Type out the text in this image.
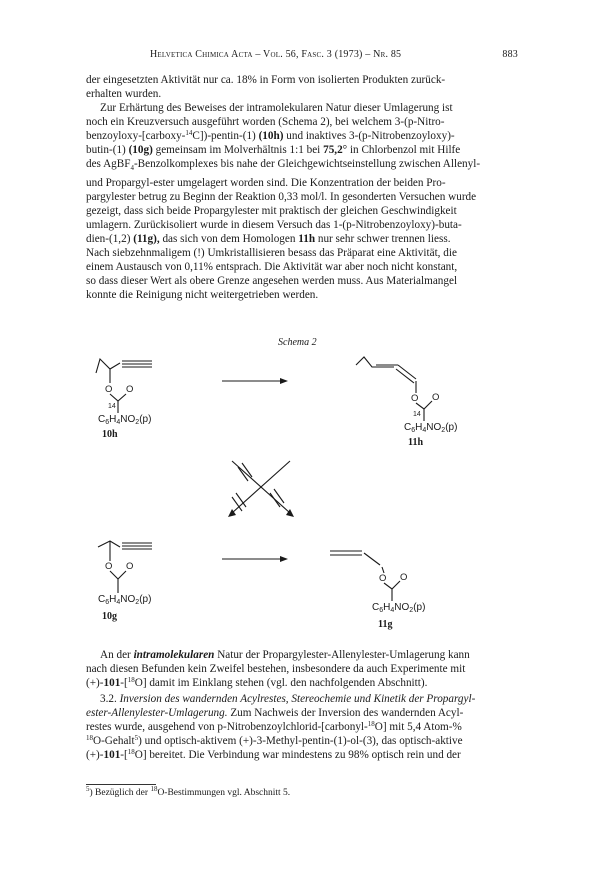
Helvetica Chimica Acta – Vol. 56, Fasc. 3 (1973) – Nr. 85	883

der eingesetzten Aktivität nur ca. 18% in Form von isolierten Produkten zurück-

erhalten wurden.

Zur Erhärtung des Beweises der intramolekularen Natur dieser Umlagerung ist

noch ein Kreuzversuch ausgeführt worden (Schema 2), bei welchem 3-(p-Nitro-

benzoyloxy-[carboxy-$^{14}$C])-pentin-(1) (10h) und inaktives 3-(p-Nitrobenzoyloxy)-

butin-(1) (10g) gemeinsam im Molverhältnis 1:1 bei 75,2° in Chlorbenzol mit Hilfe

des AgBF$_4$-Benzolkomplexes bis nahe der Gleichgewichtseinstellung zwischen Allenyl-

und Propargyl-ester umgelagert worden sind. Die Konzentration der beiden Pro-

pargylester betrug zu Beginn der Reaktion 0,33 mol/l. In gesonderten Versuchen wurde

gezeigt, dass sich beide Propargylester mit praktisch der gleichen Geschwindigkeit

umlagern. Zurückisoliert wurde in diesem Versuch das 1-(p-Nitrobenzoyloxy)-buta-

dien-(1,2) (11g), das sich von dem Homologen 11h nur sehr schwer trennen liess.

Nach siebzehnmaligem (!) Umkristallisieren besass das Präparat eine Aktivität, die

einem Austausch von 0,11% entsprach. Die Aktivität war aber noch nicht konstant,

so dass dieser Wert als obere Grenze angesehen werden muss. Aus Materialmangel

konnte die Reinigung nicht weitergetrieben werden.

Schema 2
O O
14
$C_6H_4NO_2(p)$
10h
O O
14
$C_6H_4NO_2(p)$
11h
O O
$C_6H_4NO_2(p)$
10g
O O
$C_6H_4NO_2(p)$
11g

An der intramolekularen Natur der Propargylester-Allenylester-Umlagerung kann

nach diesen Befunden kein Zweifel bestehen, insbesondere da auch Experimente mit

(+)-101-[$^{18}$O] damit im Einklang stehen (vgl. den nachfolgenden Abschnitt).

3.2. Inversion des wandernden Acylrestes, Stereochemie und Kinetik der Propargyl-

ester-Allenylester-Umlagerung. Zum Nachweis der Inversion des wandernden Acyl-

restes wurde, ausgehend von p-Nitrobenzoylchlorid-[carbonyl-$^{18}$O] mit 5,4 Atom-%

$^{18}$O-Gehalt$^5$) und optisch-aktivem (+)-3-Methyl-pentin-(1)-ol-(3), das optisch-aktive

(+)-101-[$^{18}$O] bereitet. Die Verbindung war mindestens zu 98% optisch rein und der

$^5$) Bezüglich der $^{18}$O-Bestimmungen vgl. Abschnitt 5.
